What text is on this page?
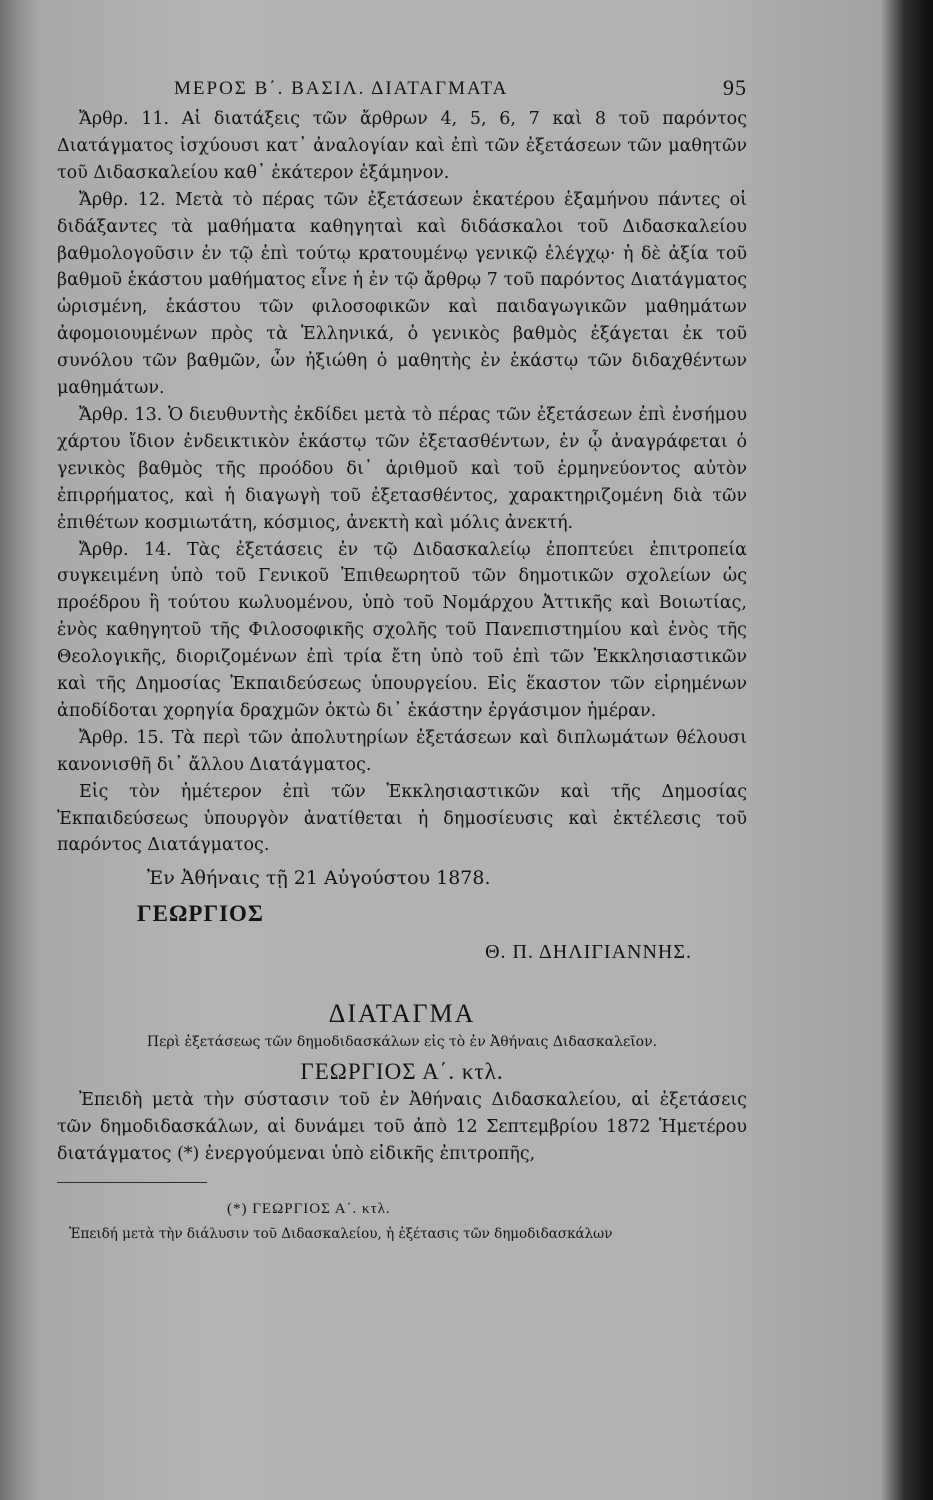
ΜΕΡΟΣ Β΄. ΒΑΣΙΛ. ΔΙΑΤΑΓΜΑΤΑ	95

Ἄρθρ. 11. Αἱ διατάξεις τῶν ἄρθρων 4, 5, 6, 7 καὶ 8 τοῦ παρόντος Διατάγματος ἰσχύουσι κατ᾽ ἀναλογίαν καὶ ἐπὶ τῶν ἐξετάσεων τῶν μαθητῶν τοῦ Διδασκαλείου καθ᾽ ἑκάτερον ἑξάμηνον.

Ἄρθρ. 12. Μετὰ τὸ πέρας τῶν ἐξετάσεων ἑκατέρου ἑξαμήνου πάντες οἱ διδάξαντες τὰ μαθήματα καθηγηταὶ καὶ διδάσκαλοι τοῦ Διδασκαλείου βαθμολογοῦσιν ἐν τῷ ἐπὶ τούτῳ κρατουμένῳ γενικῷ ἐλέγχῳ· ἡ δὲ ἀξία τοῦ βαθμοῦ ἑκάστου μαθήματος εἶνε ἡ ἐν τῷ ἄρθρῳ 7 τοῦ παρόντος Διατάγματος ὡρισμένη, ἑκάστου τῶν φιλοσοφικῶν καὶ παιδαγωγικῶν μαθημάτων ἀφομοιουμένων πρὸς τὰ Ἑλληνικά, ὁ γενικὸς βαθμὸς ἐξάγεται ἐκ τοῦ συνόλου τῶν βαθμῶν, ὧν ἠξιώθη ὁ μαθητὴς ἐν ἑκάστῳ τῶν διδαχθέντων μαθημάτων.

Ἄρθρ. 13. Ὁ διευθυντὴς ἐκδίδει μετὰ τὸ πέρας τῶν ἐξετάσεων ἐπὶ ἐνσήμου χάρτου ἴδιον ἐνδεικτικὸν ἑκάστῳ τῶν ἐξετασθέντων, ἐν ᾧ ἀναγράφεται ὁ γενικὸς βαθμὸς τῆς προόδου δι᾽ ἀριθμοῦ καὶ τοῦ ἑρμηνεύοντος αὐτὸν ἐπιρρήματος, καὶ ἡ διαγωγὴ τοῦ ἐξετασθέντος, χαρακτηριζομένη διὰ τῶν ἐπιθέτων κοσμιωτάτη, κόσμιος, ἀνεκτὴ καὶ μόλις ἀνεκτή.

Ἄρθρ. 14. Τὰς ἐξετάσεις ἐν τῷ Διδασκαλείῳ ἐποπτεύει ἐπιτροπεία συγκειμένη ὑπὸ τοῦ Γενικοῦ Ἐπιθεωρητοῦ τῶν δημοτικῶν σχολείων ὡς προέδρου ἢ τούτου κωλυομένου, ὑπὸ τοῦ Νομάρχου Ἀττικῆς καὶ Βοιωτίας, ἑνὸς καθηγητοῦ τῆς Φιλοσοφικῆς σχολῆς τοῦ Πανεπιστημίου καὶ ἑνὸς τῆς Θεολογικῆς, διοριζομένων ἐπὶ τρία ἔτη ὑπὸ τοῦ ἐπὶ τῶν Ἐκκλησιαστικῶν καὶ τῆς Δημοσίας Ἐκπαιδεύσεως ὑπουργείου. Εἰς ἕκαστον τῶν εἰρημένων ἀποδίδοται χορηγία δραχμῶν ὀκτὼ δι᾽ ἑκάστην ἐργάσιμον ἡμέραν.

Ἄρθρ. 15. Τὰ περὶ τῶν ἀπολυτηρίων ἐξετάσεων καὶ διπλωμάτων θέλουσι κανονισθῆ δι᾽ ἄλλου Διατάγματος.

Εἰς τὸν ἡμέτερον ἐπὶ τῶν Ἐκκλησιαστικῶν καὶ τῆς Δημοσίας Ἐκπαιδεύσεως ὑπουργὸν ἀνατίθεται ἡ δημοσίευσις καὶ ἐκτέλεσις τοῦ παρόντος Διατάγματος.

Ἐν Ἀθήναις τῇ 21 Αὐγούστου 1878.

ΓΕΩΡΓΙΟΣ

Θ. Π. ΔΗΛΙΓΙΑΝΝΗΣ.

ΔΙΑΤΑΓΜΑ

Περὶ ἐξετάσεως τῶν δημοδιδασκάλων εἰς τὸ ἐν Ἀθήναις Διδασκαλεῖον.

ΓΕΩΡΓΙΟΣ Α΄. κτλ.

Ἐπειδὴ μετὰ τὴν σύστασιν τοῦ ἐν Ἀθήναις Διδασκαλείου, αἱ ἐξετάσεις τῶν δημοδιδασκάλων, αἱ δυνάμει τοῦ ἀπὸ 12 Σεπτεμβρίου 1872 Ἡμετέρου διατάγματος (*) ἐνεργούμεναι ὑπὸ εἰδικῆς ἐπιτροπῆς,

(*) ΓΕΩΡΓΙΟΣ Α΄. κτλ.

Ἐπειδή μετὰ τὴν διάλυσιν τοῦ Διδασκαλείου, ἡ ἐξέτασις τῶν δημοδιδασκάλων
